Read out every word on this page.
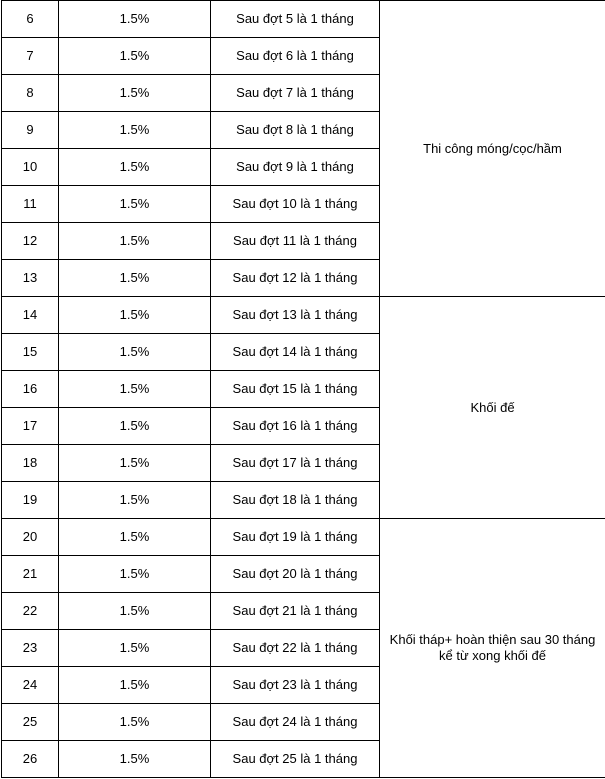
6	1.5%	Sau đợt 5 là 1 tháng	Thi công móng/cọc/hầm
7	1.5%	Sau đợt 6 là 1 tháng	
8	1.5%	Sau đợt 7 là 1 tháng	
9	1.5%	Sau đợt 8 là 1 tháng	
10	1.5%	Sau đợt 9 là 1 tháng	
11	1.5%	Sau đợt 10 là 1 tháng	
12	1.5%	Sau đợt 11 là 1 tháng	
13	1.5%	Sau đợt 12 là 1 tháng	
14	1.5%	Sau đợt 13 là 1 tháng	Khối đế
15	1.5%	Sau đợt 14 là 1 tháng	
16	1.5%	Sau đợt 15 là 1 tháng	
17	1.5%	Sau đợt 16 là 1 tháng	
18	1.5%	Sau đợt 17 là 1 tháng	
19	1.5%	Sau đợt 18 là 1 tháng	
20	1.5%	Sau đợt 19 là 1 tháng	Khối tháp+ hoàn thiện sau 30 tháng
kể từ xong khối đế
21	1.5%	Sau đợt 20 là 1 tháng	
22	1.5%	Sau đợt 21 là 1 tháng	
23	1.5%	Sau đợt 22 là 1 tháng	
24	1.5%	Sau đợt 23 là 1 tháng	
25	1.5%	Sau đợt 24 là 1 tháng	
26	1.5%	Sau đợt 25 là 1 tháng	
